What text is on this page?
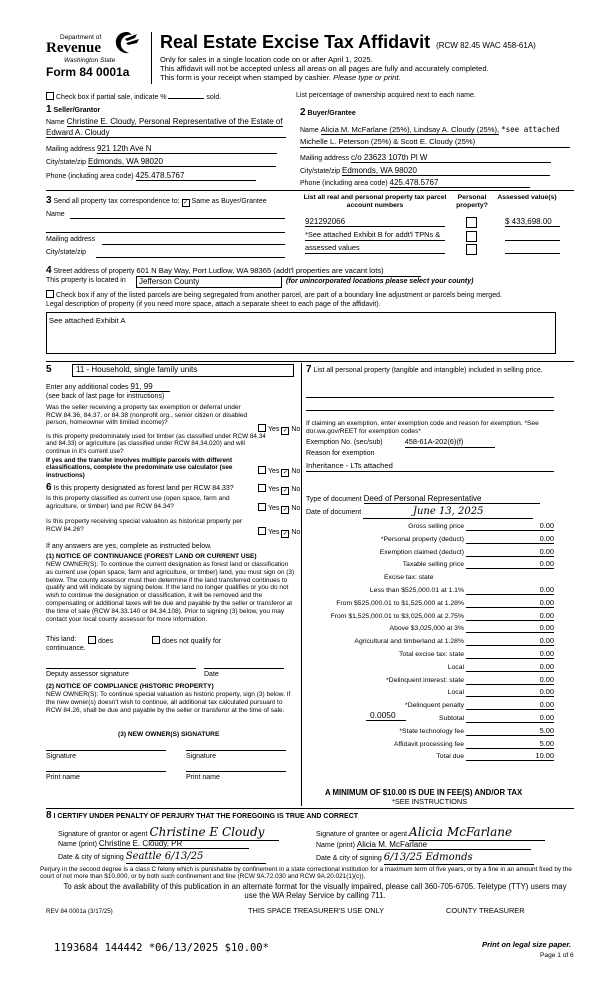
Department of
Revenue
Washington State
Form 84 0001a
Real Estate Excise Tax Affidavit (RCW 82.45 WAC 458-61A)
Only for sales in a single location code on or after April 1, 2025.
This affidavit will not be accepted unless all areas on all pages are fully and accurately completed.
This form is your receipt when stamped by cashier. Please type or print.
Check box if partial sale, indicate %	sold.	List percentage of ownership acquired next to each name.
1 Seller/Grantor
Name Christine E. Cloudy, Personal Representative of the Estate of
Edward A. Cloudy
Mailing address 921 12th Ave N
City/state/zip Edmonds, WA 98020
Phone (including area code) 425.478.5767
2 Buyer/Grantee
Name Alicia M. McFarlane (25%), Lindsay A. Cloudy (25%), *see attached
Michelle L. Peterson (25%) & Scott E. Cloudy (25%)
Mailing address c/o 23623 107th Pl W
City/state/zip Edmonds, WA 98020
Phone (including area code) 425.478.5767
3 Send all property tax correspondence to: ✓ Same as Buyer/Grantee
Name
Mailing address
City/state/zip
List all real and personal property tax parcel account numbers
Personal property?
Assessed value(s)
921292066	$ 433,698.00
*See attached Exhibit B for addt'l TPNs &
assessed values
4 Street address of property 601 N Bay Way, Port Ludlow, WA 98365 (addt'l properties are vacant lots)
This property is located in	Jefferson County	(for unincorporated locations please select your county)
Check box if any of the listed parcels are being segregated from another parcel, are part of a boundary line adjustment or parcels being merged.
Legal description of property (if you need more space, attach a separate sheet to each page of the affidavit).
See attached Exhibit A
5	11 - Household, single family units
Enter any additional codes 91, 99
(see back of last page for instructions)
Was the seller receiving a property tax exemption or deferral under RCW 84.36, 84.37, or 84.38 (nonprofit org., senior citizen or disabled person, homeowner with limited income)?
Yes ✓ No
Is this property predominately used for timber (as classified under RCW 84.34 and 84.33) or agriculture (as classified under RCW 84.34.020) and will continue in it's current use?
If yes and the transfer involves multiple parcels with different classifications, complete the predominate use calculator (see instructions)
Yes ✓ No
6 Is this property designated as forest land per RCW 84.33?	Yes ✓ No
Is this property classified as current use (open space, farm and agriculture, or timber) land per RCW 84.34?	Yes ✓ No
Is this property receiving special valuation as historical property per RCW 84.26?	Yes ✓ No
If any answers are yes, complete as instructed below.
(1) NOTICE OF CONTINUANCE (FOREST LAND OR CURRENT USE)
NEW OWNER(S): To continue the current designation as forest land or classification as current use (open space, farm and agriculture, or timber) land, you must sign on (3) below. The county assessor must then determine if the land transferred continues to qualify and will indicate by signing below. If the land no longer qualifies or you do not wish to continue the designation or classification, it will be removed and the compensating or additional taxes will be due and payable by the seller or transferor at the time of sale (RCW 84.33.140 or 84.34.108). Prior to signing (3) below, you may contact your local county assessor for more information.
This land:	does	does not qualify for
continuance.
Deputy assessor signature	Date
(2) NOTICE OF COMPLIANCE (HISTORIC PROPERTY)
NEW OWNER(S): To continue special valuation as historic property, sign (3) below. If the new owner(s) doesn't wish to continue, all additional tax calculated pursuant to RCW 84.26, shall be due and payable by the seller or transferor at the time of sale.
(3) NEW OWNER(S) SIGNATURE
Signature	Signature
Print name	Print name
7 List all personal property (tangible and intangible) included in selling price.
If claiming an exemption, enter exemption code and reason for exemption. *See dor.wa.gov/REET for exemption codes*
Exemption No. (sec/sub)	458-61A-202(6)(f)
Reason for exemption
Inheritance - LTs attached
Type of document Deed of Personal Representative
Date of document	June 13, 2025
Gross selling price	0.00
*Personal property (deduct)	0.00
Exemption claimed (deduct)	0.00
Taxable selling price	0.00
Excise tax: state
Less than $525,000.01 at 1.1%	0.00
From $525,000.01 to $1,525,000 at 1.28%	0.00
From $1,525,000.01 to $3,025,000 at 2.75%	0.00
Above $3,025,000 at 3%	0.00
Agricultural and timberland at 1.28%	0.00
Total excise tax: state	0.00
Local	0.00
*Delinquent interest: state	0.00
Local	0.00
*Delinquent penalty	0.00
Subtotal	0.00
*State technology fee	5.00
Affidavit processing fee	5.00
Total due	10.00
0.0050
A MINIMUM OF $10.00 IS DUE IN FEE(S) AND/OR TAX
*SEE INSTRUCTIONS
8 I CERTIFY UNDER PENALTY OF PERJURY THAT THE FOREGOING IS TRUE AND CORRECT
Signature of grantor or agent Christine E Cloudy
Name (print) Christine E. Cloudy, PR
Date & city of signing Seattle 6/13/25
Signature of grantee or agent Alicia McFarlane
Name (print) Alicia M. McFarlane
Date & city of signing 6/13/25 Edmonds
Perjury in the second degree is a class C felony which is punishable by confinement in a state correctional institution for a maximum term of five years, or by a fine in an amount fixed by the court of not more than $10,000, or by both such confinement and fine (RCW 9A.72.030 and RCW 9A.20.021(1)(c)).
To ask about the availability of this publication in an alternate format for the visually impaired, please call 360-705-6705. Teletype (TTY) users may use the WA Relay Service by calling 711.
REV 84 0001a (3/17/25)	THIS SPACE TREASURER'S USE ONLY	COUNTY TREASURER
1193684 144442 *06/13/2025 $10.00*	Print on legal size paper.
Page 1 of 6
